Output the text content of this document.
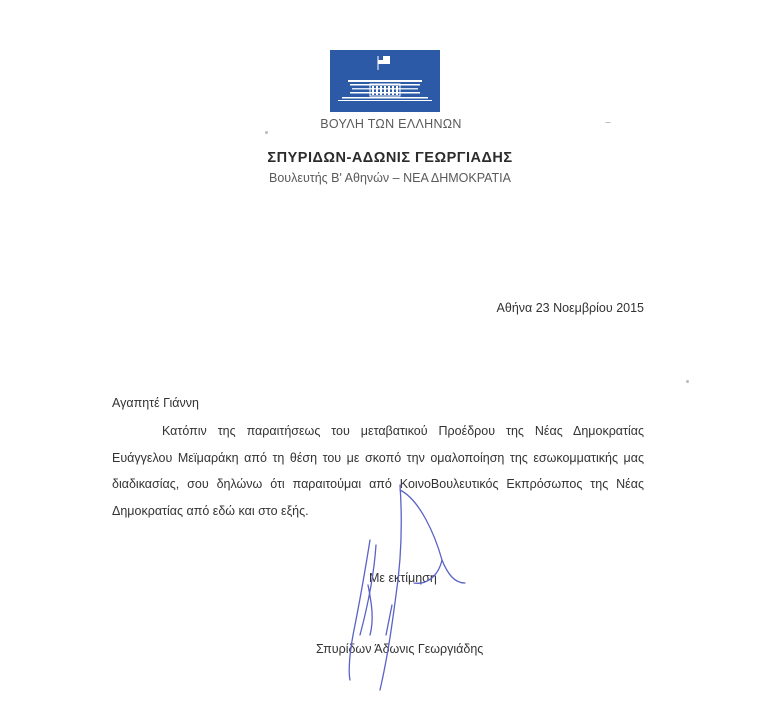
ΒΟΥΛΗ ΤΩΝ ΕΛΛΗΝΩΝ
ΣΠΥΡΙΔΩΝ-ΑΔΩΝΙΣ ΓΕΩΡΓΙΑΔΗΣ
Βουλευτής Β' Αθηνών – ΝΕΑ ΔΗΜΟΚΡΑΤΙΑ
Αθήνα 23 Νοεμβρίου 2015
Αγαπητέ Γιάννη
Κατόπιν της παραιτήσεως του μεταβατικού Προέδρου της Νέας Δημοκρατίας Ευάγγελου Μεϊμαράκη από τη θέση του με σκοπό την ομαλοποίηση της εσωκομματικής μας διαδικασίας, σου δηλώνω ότι παραιτούμαι από ΚοινοΒουλευτικός Εκπρόσωπος της Νέας Δημοκρατίας από εδώ και στο εξής.
Με εκτίμηση
Σπυρίδων Άδωνις Γεωργιάδης
